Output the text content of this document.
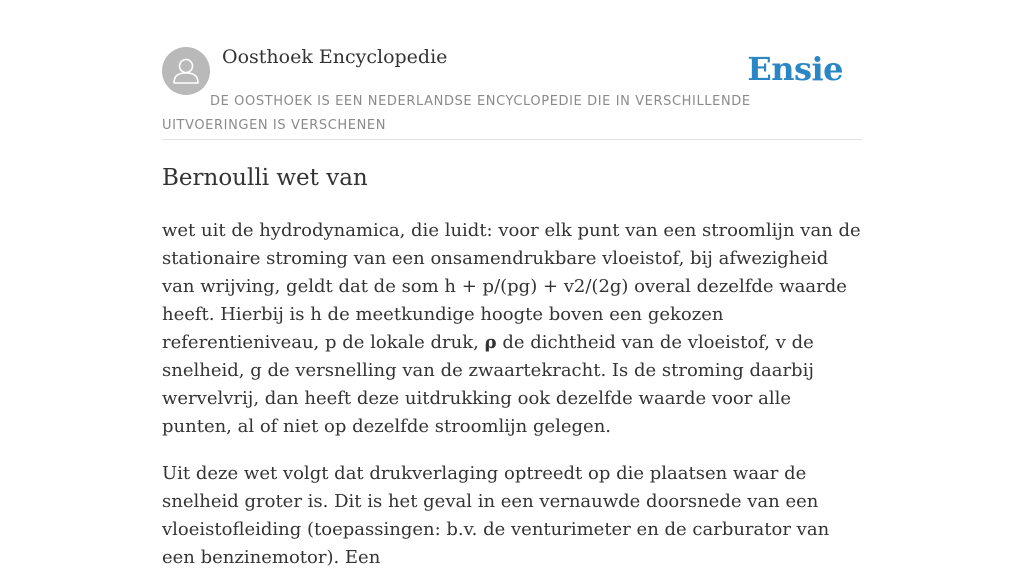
Oosthoek Encyclopedie	Ensie
DE OOSTHOEK IS EEN NEDERLANDSE ENCYCLOPEDIE DIE IN VERSCHILLENDE UITVOERINGEN IS VERSCHENEN
Bernoulli wet van

wet uit de hydrodynamica, die luidt: voor elk punt van een stroomlijn van de stationaire stroming van een onsamendrukbare vloeistof, bij afwezigheid van wrijving, geldt dat de som h + p/(pg) + v2/(2g) overal dezelfde waarde heeft. Hierbij is h de meetkundige hoogte boven een gekozen referentieniveau, p de lokale druk, ρ de dichtheid van de vloeistof, v de snelheid, g de versnelling van de zwaartekracht. Is de stroming daarbij wervelvrij, dan heeft deze uitdrukking ook dezelfde waarde voor alle punten, al of niet op dezelfde stroomlijn gelegen.

Uit deze wet volgt dat drukverlaging optreedt op die plaatsen waar de snelheid groter is. Dit is het geval in een vernauwde doorsnede van een vloeistofleiding (toepassingen: b.v. de venturimeter en de carburator van een benzinemotor). Een
